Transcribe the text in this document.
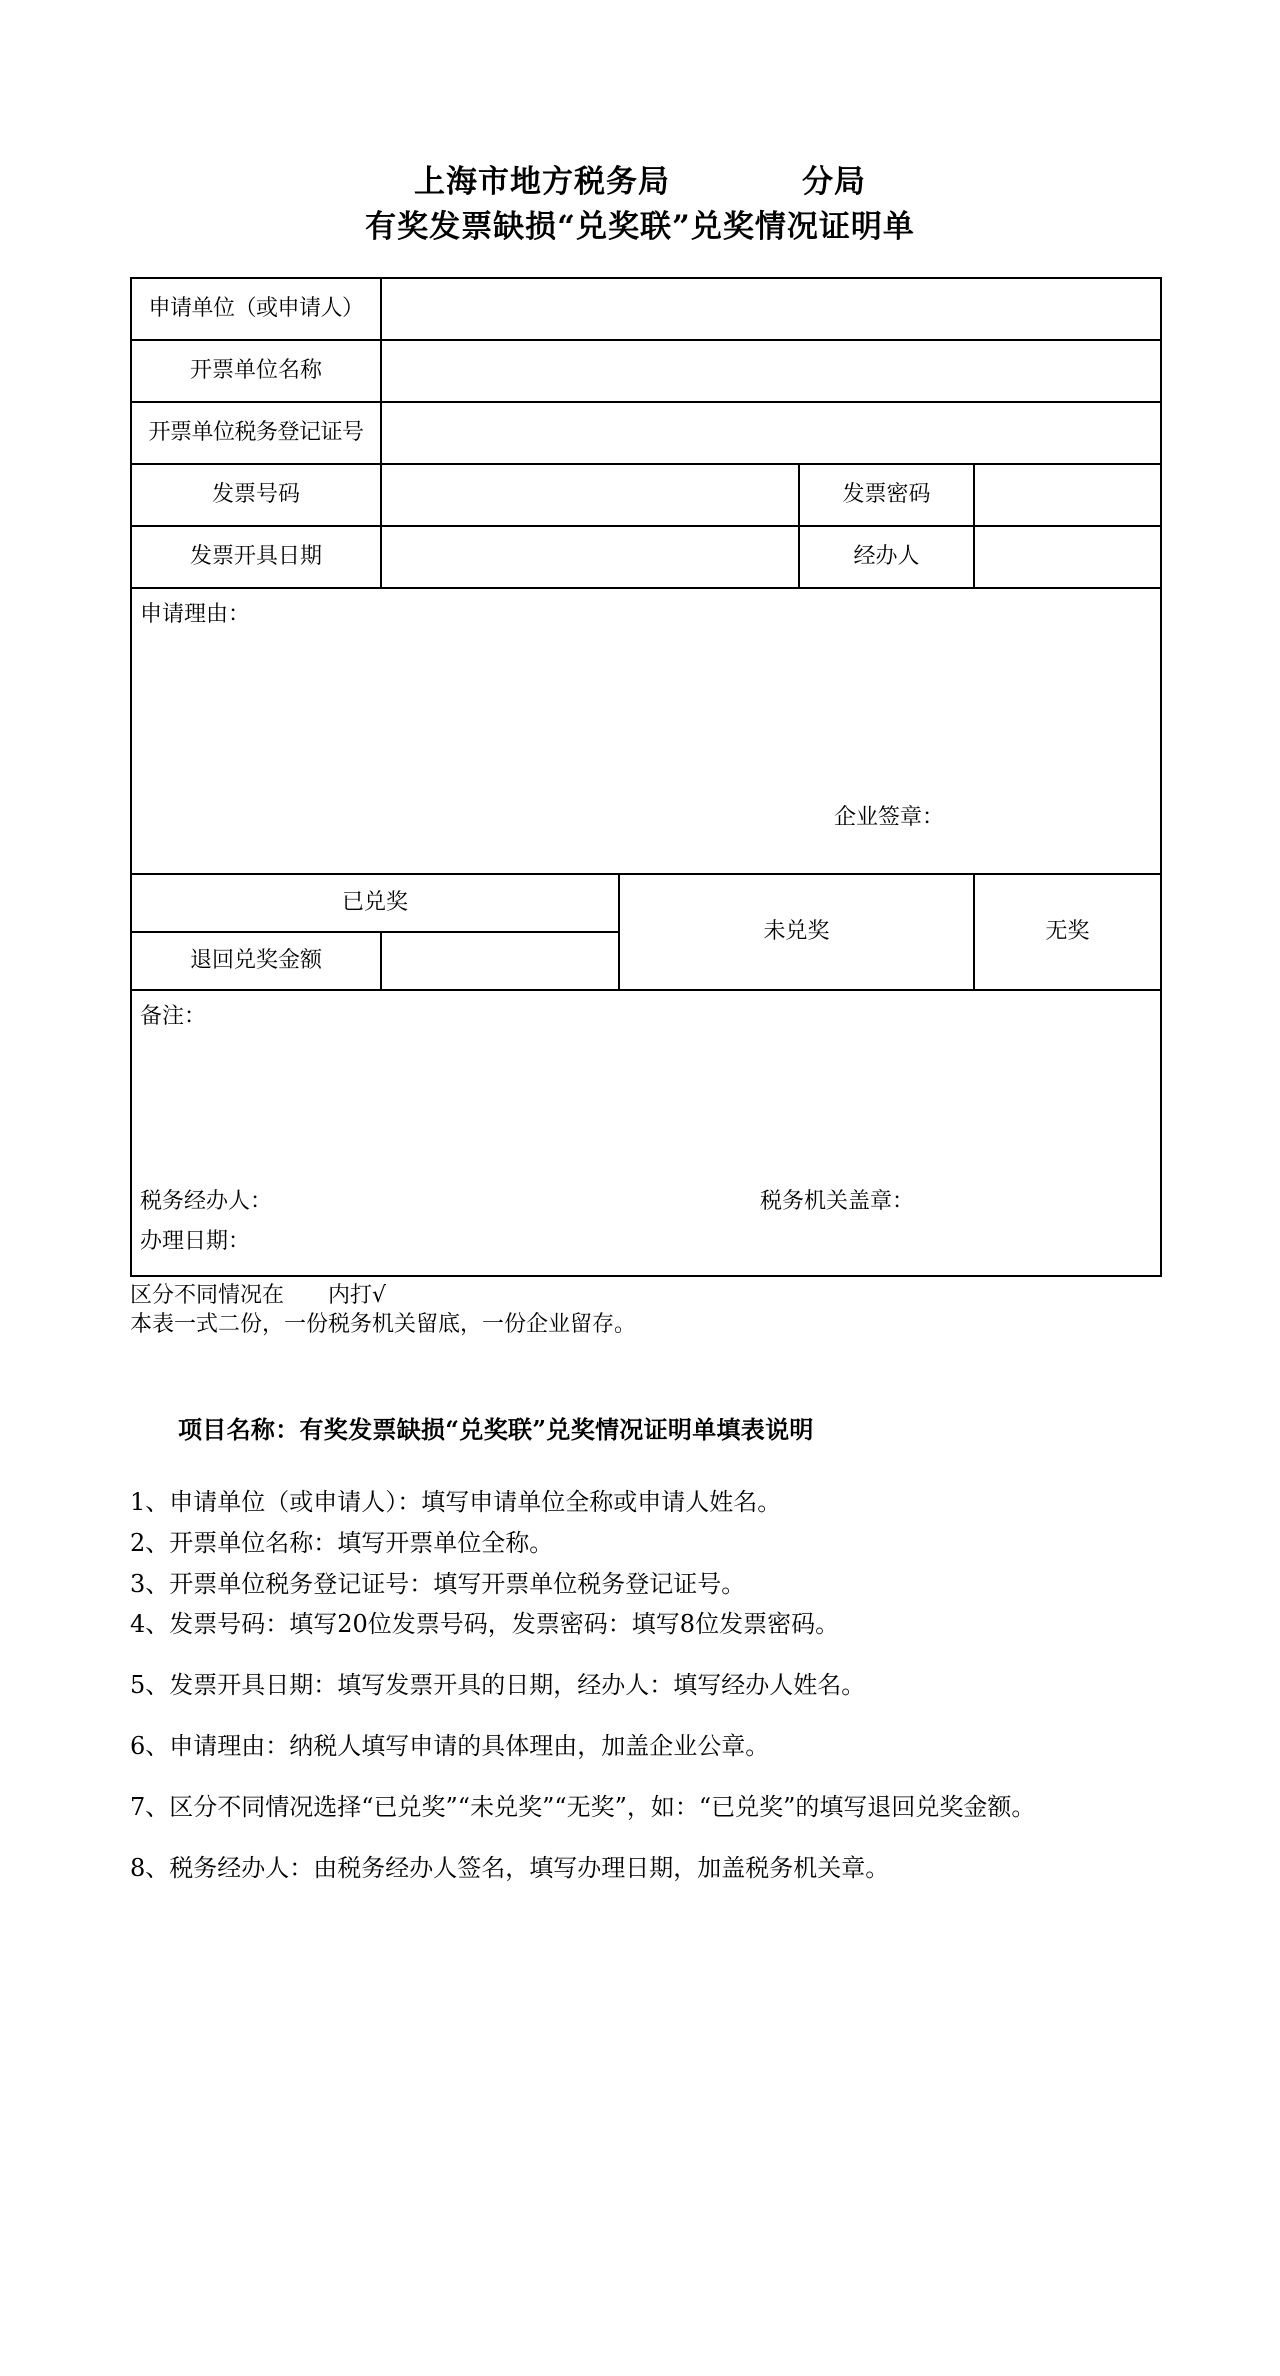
上海市地方税务局	分局
有奖发票缺损“兑奖联”兑奖情况证明单
申请单位（或申请人）				
开票单位名称				
开票单位税务登记证号				
发票号码			发票密码	
发票开具日期			经办人	

申请理由：
企业签章：				

已兑奖		未兑奖		无奖
退回兑奖金额				

备注：
税务经办人：
办理日期：
税务机关盖章：				
区分不同情况在　　内打√
本表一式二份，一份税务机关留底，一份企业留存。
项目名称：有奖发票缺损“兑奖联”兑奖情况证明单填表说明
1、申请单位（或申请人）：填写申请单位全称或申请人姓名。
2、开票单位名称：填写开票单位全称。
3、开票单位税务登记证号：填写开票单位税务登记证号。
4、发票号码：填写20位发票号码，发票密码：填写8位发票密码。
5、发票开具日期：填写发票开具的日期，经办人：填写经办人姓名。
6、申请理由：纳税人填写申请的具体理由，加盖企业公章。
7、区分不同情况选择“已兑奖”“未兑奖”“无奖”，如：“已兑奖”的填写退回兑奖金额。
8、税务经办人：由税务经办人签名，填写办理日期，加盖税务机关章。
